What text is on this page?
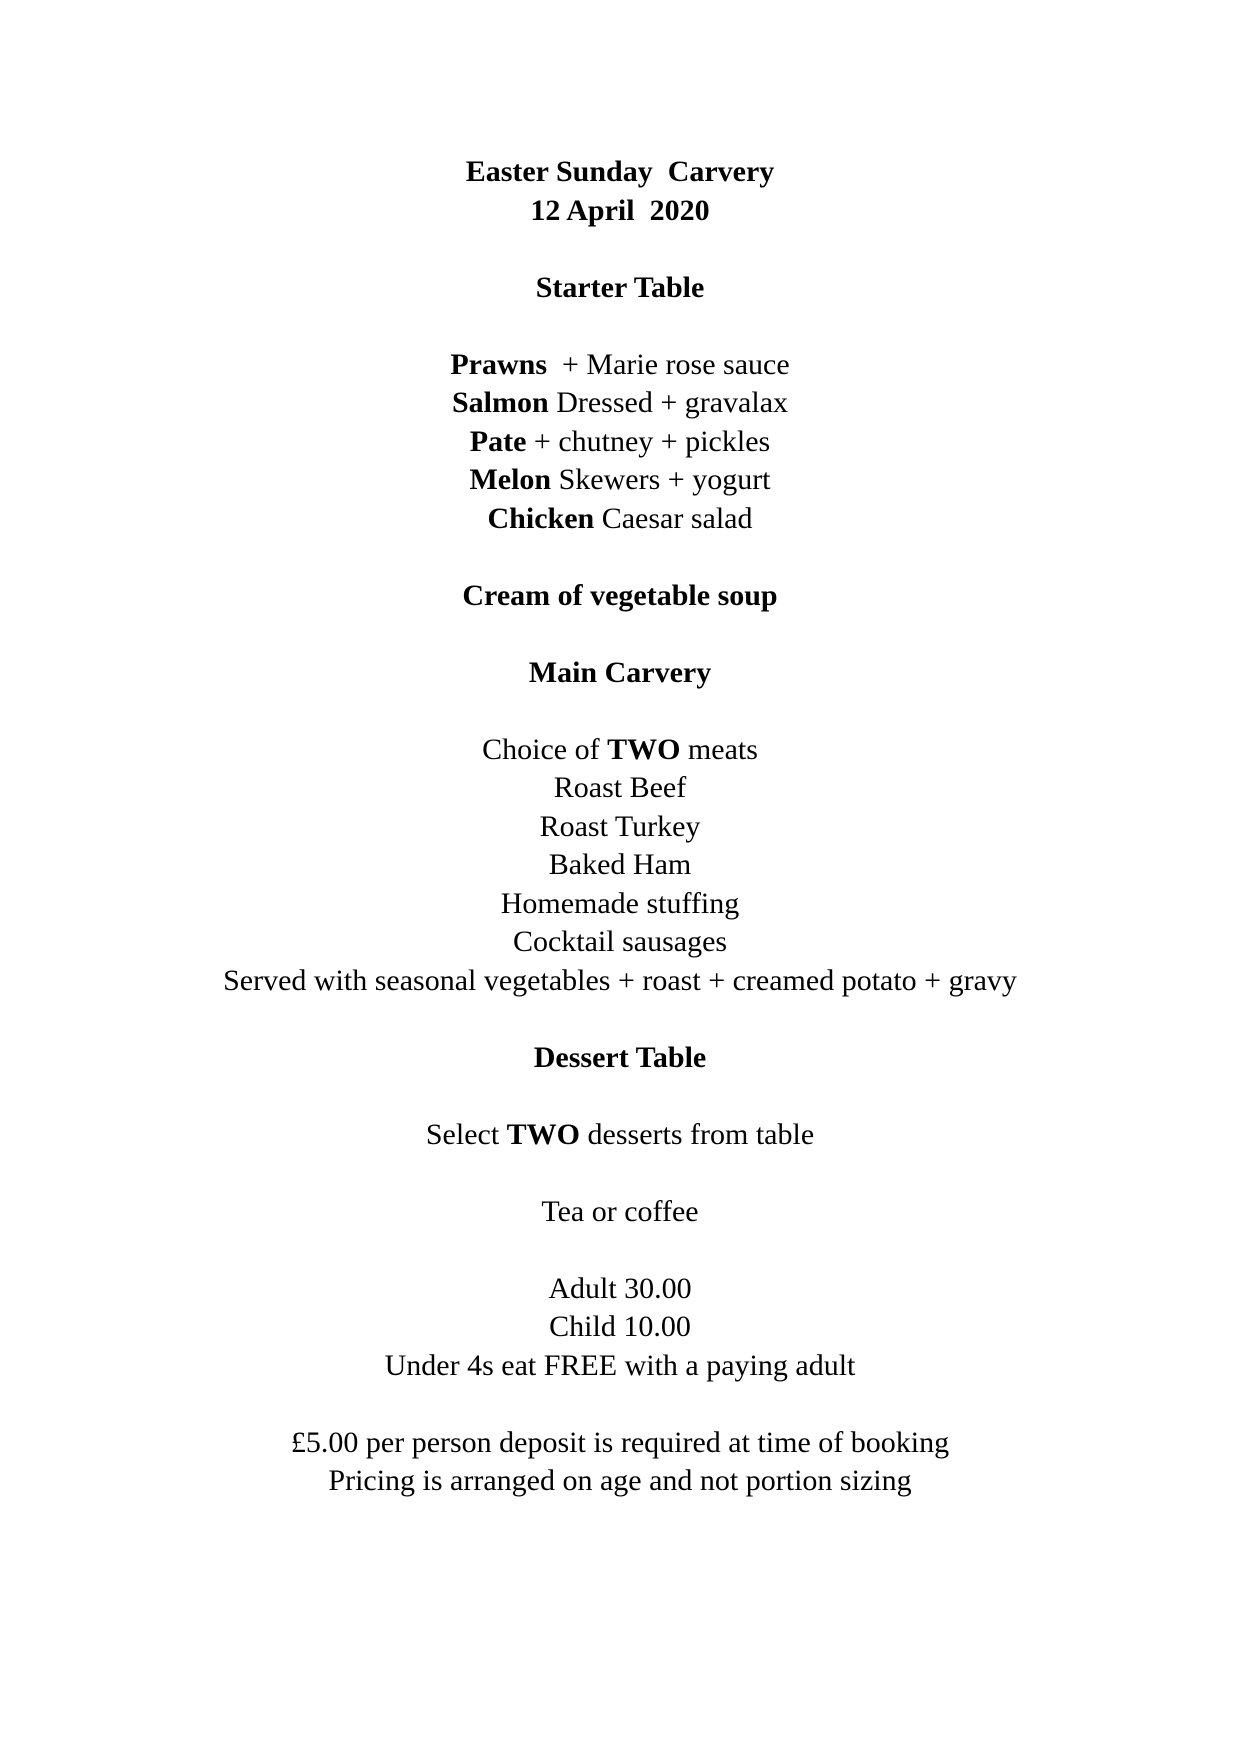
Easter Sunday  Carvery

12 April  2020

Starter Table

Prawns  + Marie rose sauce

Salmon Dressed + gravalax

Pate + chutney + pickles

Melon Skewers + yogurt

Chicken Caesar salad

Cream of vegetable soup

Main Carvery

Choice of TWO meats

Roast Beef

Roast Turkey

Baked Ham

Homemade stuffing

Cocktail sausages

Served with seasonal vegetables + roast + creamed potato + gravy

Dessert Table

Select TWO desserts from table

Tea or coffee

Adult 30.00

Child 10.00

Under 4s eat FREE with a paying adult

£5.00 per person deposit is required at time of booking

Pricing is arranged on age and not portion sizing
